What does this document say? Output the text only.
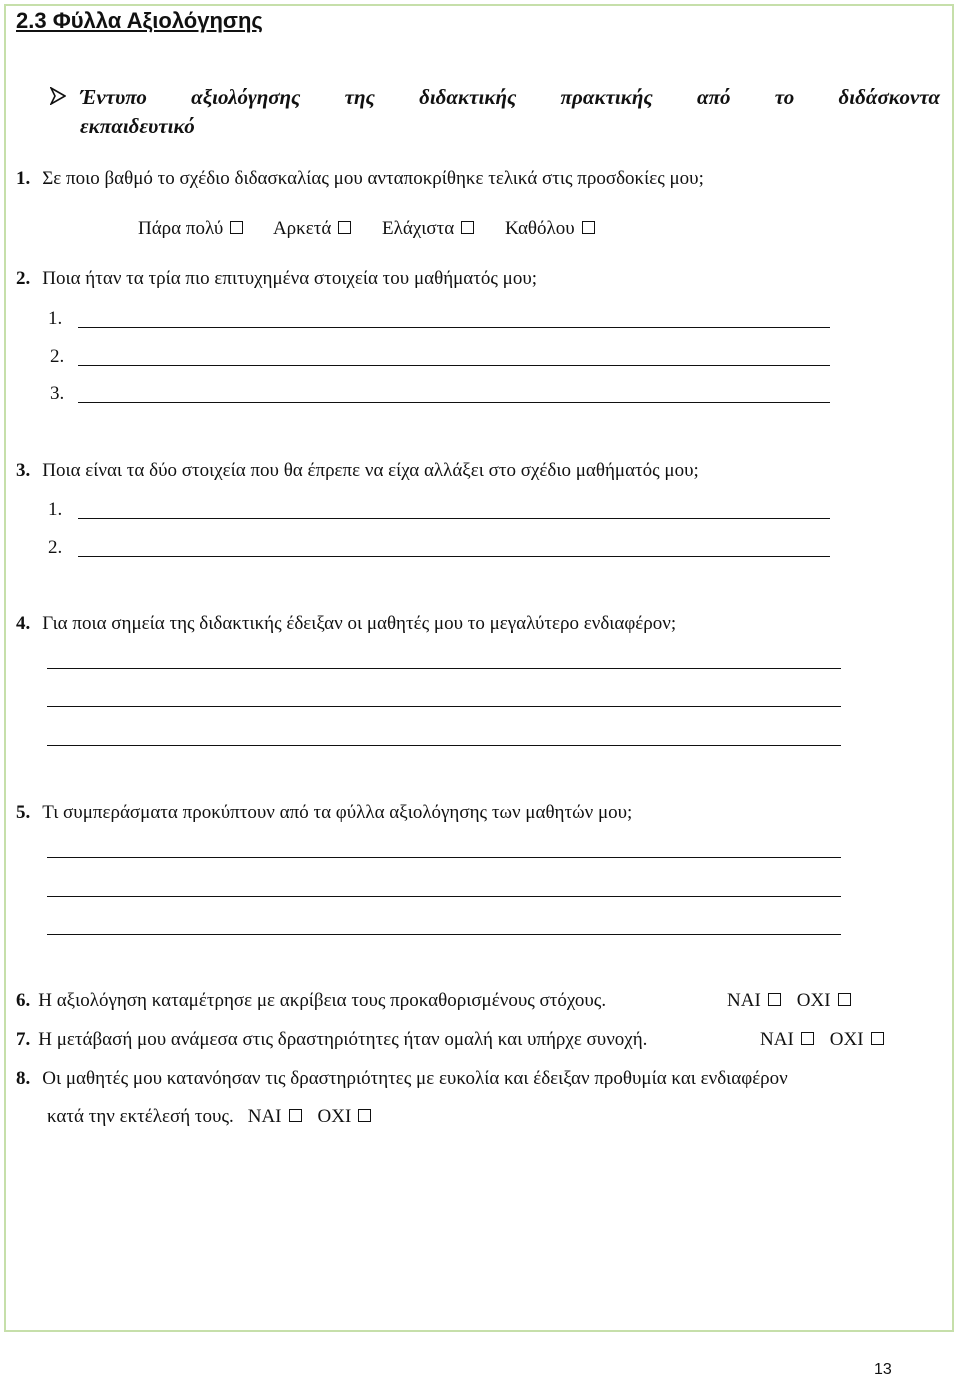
2.3 Φύλλα Αξιολόγησης
Έντυπο αξιολόγησης της διδακτικής πρακτικής από το διδάσκοντα
εκπαιδευτικό
1. Σε ποιο βαθμό το σχέδιο διδασκαλίας μου ανταποκρίθηκε τελικά στις προσδοκίες μου;
Πάρα πολύ	Αρκετά	Ελάχιστα	Καθόλου
2. Ποια ήταν τα τρία πιο επιτυχημένα στοιχεία του μαθήματός μου;
1.
2.
3.
3. Ποια είναι τα δύο στοιχεία που θα έπρεπε να είχα αλλάξει στο σχέδιο μαθήματός μου;
1.
2.
4. Για ποια σημεία της διδακτικής έδειξαν οι μαθητές μου το μεγαλύτερο ενδιαφέρον;
5. Τι συμπεράσματα προκύπτουν από τα φύλλα αξιολόγησης των μαθητών μου;
6. Η αξιολόγηση καταμέτρησε με ακρίβεια τους προκαθορισμένους στόχους.	ΝΑΙ ΟΧΙ
7. Η μετάβασή μου ανάμεσα στις δραστηριότητες ήταν ομαλή και υπήρχε συνοχή.	ΝΑΙ ΟΧΙ
8. Οι μαθητές μου κατανόησαν τις δραστηριότητες με ευκολία και έδειξαν προθυμία και ενδιαφέρον
κατά την εκτέλεσή τους. ΝΑΙ ΟΧΙ
13
